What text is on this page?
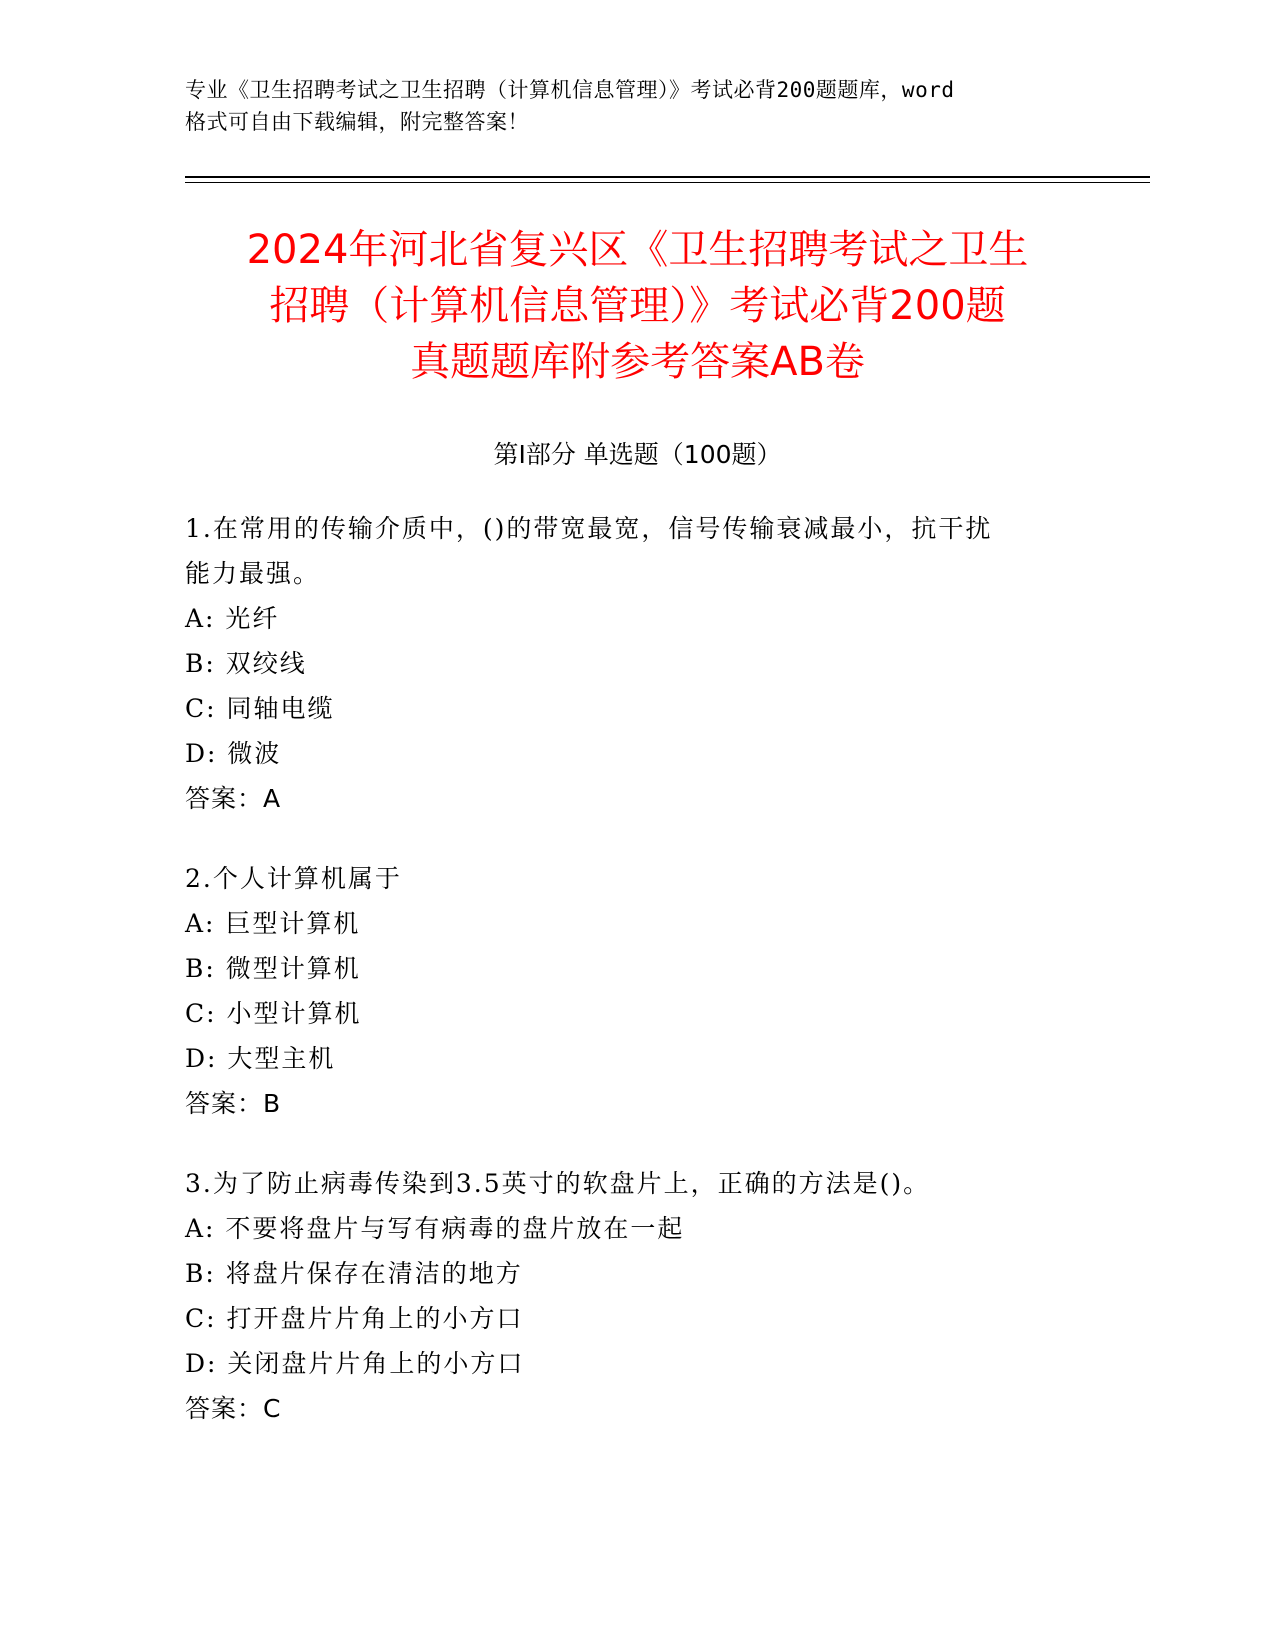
专业《卫生招聘考试之卫生招聘（计算机信息管理）》考试必背200题题库，word
格式可自由下载编辑，附完整答案！
2024年河北省复兴区《卫生招聘考试之卫生
招聘（计算机信息管理）》考试必背200题
真题题库附参考答案AB卷
第Ⅰ部分 单选题（100题）
1.在常用的传输介质中，()的带宽最宽，信号传输衰减最小，抗干扰
能力最强。
A: 光纤
B: 双绞线
C: 同轴电缆
D: 微波
答案：A
2.个人计算机属于
A: 巨型计算机
B: 微型计算机
C: 小型计算机
D: 大型主机
答案：B
3.为了防止病毒传染到3.5英寸的软盘片上，正确的方法是()。
A: 不要将盘片与写有病毒的盘片放在一起
B: 将盘片保存在清洁的地方
C: 打开盘片片角上的小方口
D: 关闭盘片片角上的小方口
答案：C
